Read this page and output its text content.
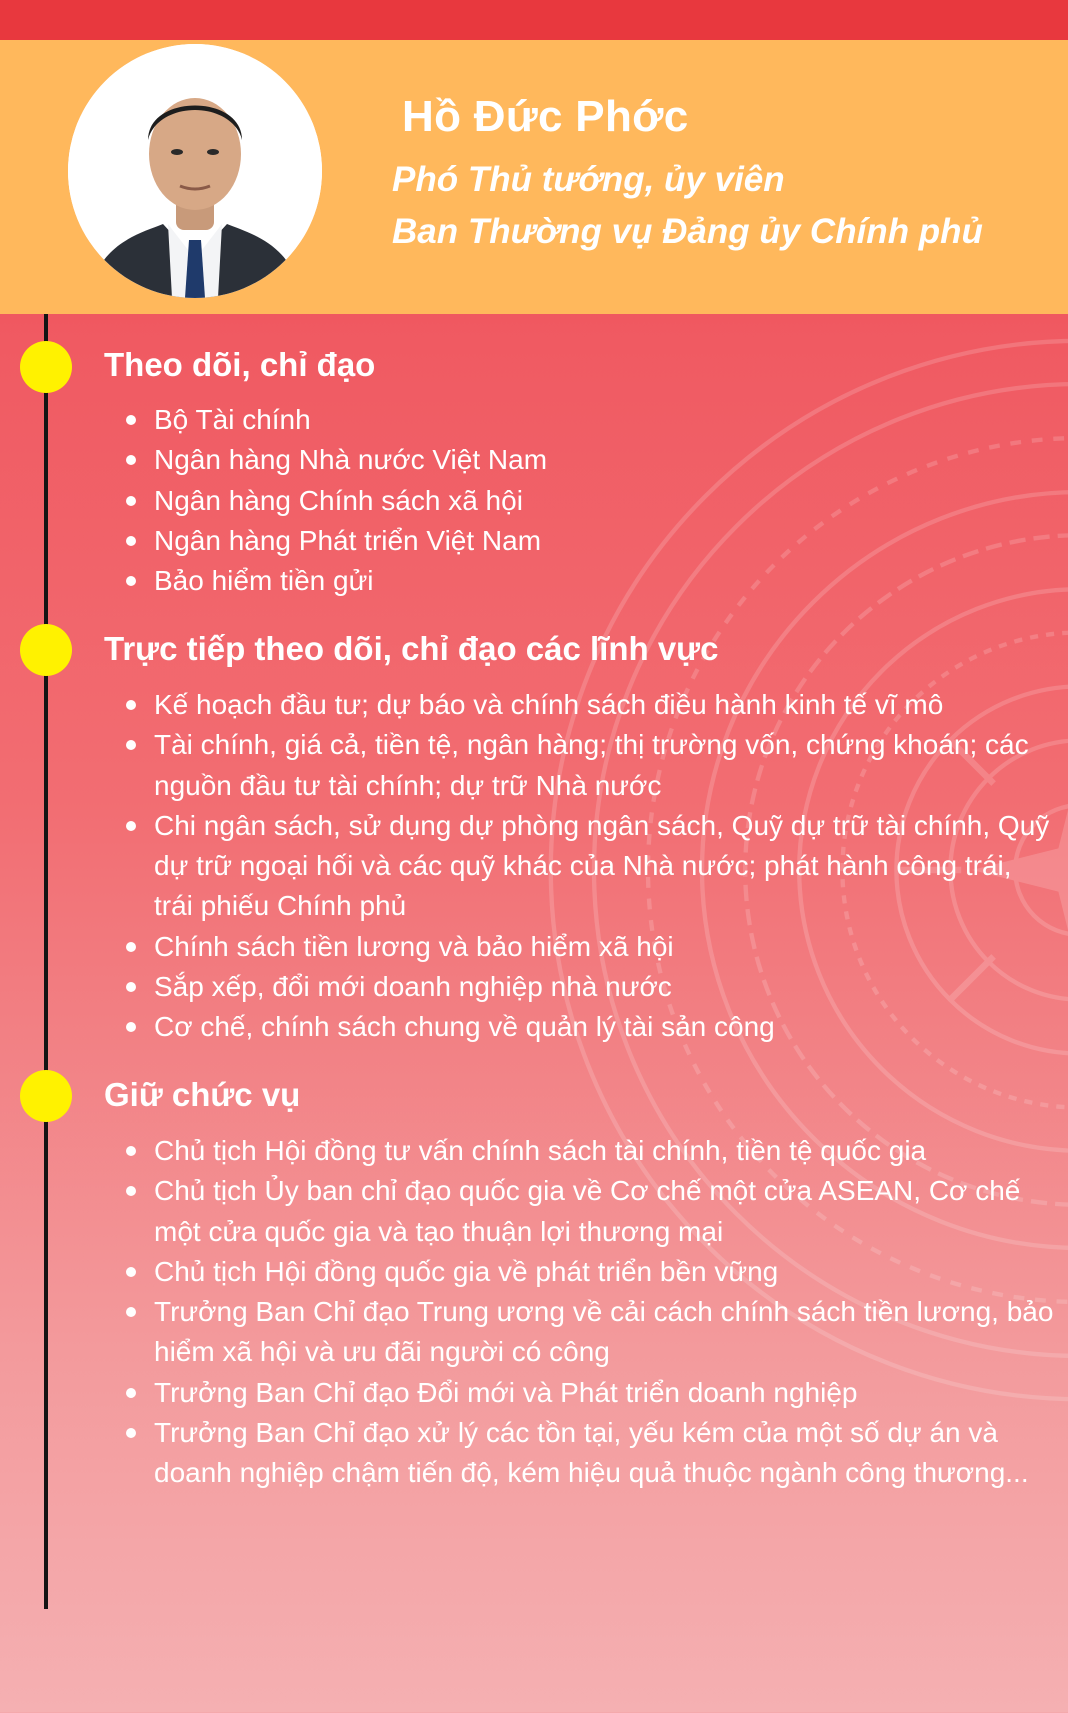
Hồ Đức Phớc
Phó Thủ tướng, ủy viên
Ban Thường vụ Đảng ủy Chính phủ
Theo dõi, chỉ đạo
Bộ Tài chính
Ngân hàng Nhà nước Việt Nam
Ngân hàng Chính sách xã hội
Ngân hàng Phát triển Việt Nam
Bảo hiểm tiền gửi
Trực tiếp theo dõi, chỉ đạo các lĩnh vực
Kế hoạch đầu tư; dự báo và chính sách điều hành kinh tế vĩ mô
Tài chính, giá cả, tiền tệ, ngân hàng; thị trường vốn, chứng khoán; các nguồn đầu tư tài chính; dự trữ Nhà nước
Chi ngân sách, sử dụng dự phòng ngân sách, Quỹ dự trữ tài chính, Quỹ dự trữ ngoại hối và các quỹ khác của Nhà nước; phát hành công trái, trái phiếu Chính phủ
Chính sách tiền lương và bảo hiểm xã hội
Sắp xếp, đổi mới doanh nghiệp nhà nước
Cơ chế, chính sách chung về quản lý tài sản công
Giữ chức vụ
Chủ tịch Hội đồng tư vấn chính sách tài chính, tiền tệ quốc gia
Chủ tịch Ủy ban chỉ đạo quốc gia về Cơ chế một cửa ASEAN, Cơ chế một cửa quốc gia và tạo thuận lợi thương mại
Chủ tịch Hội đồng quốc gia về phát triển bền vững
Trưởng Ban Chỉ đạo Trung ương về cải cách chính sách tiền lương, bảo hiểm xã hội và ưu đãi người có công
Trưởng Ban Chỉ đạo Đổi mới và Phát triển doanh nghiệp
Trưởng Ban Chỉ đạo xử lý các tồn tại, yếu kém của một số dự án và doanh nghiệp chậm tiến độ, kém hiệu quả thuộc ngành công thương...
